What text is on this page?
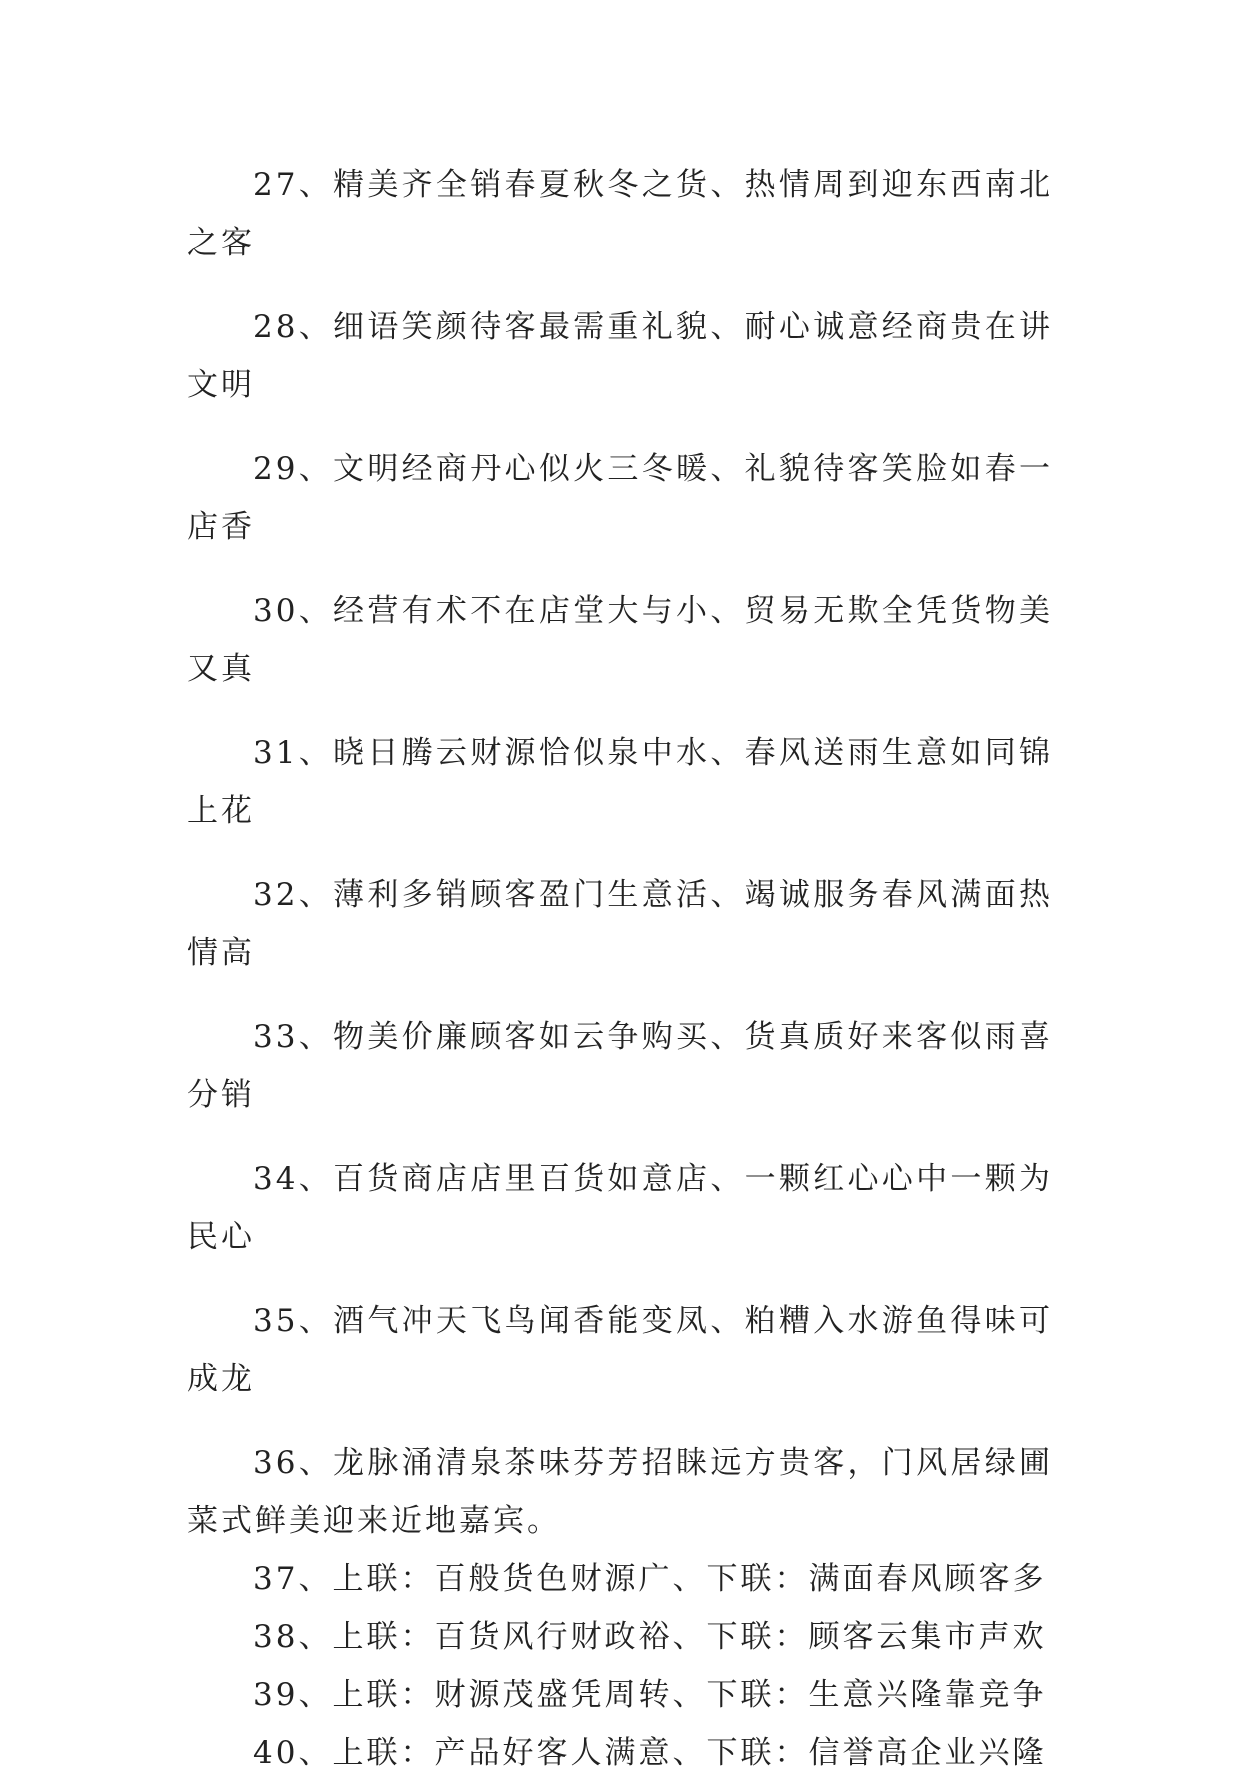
27、精美齐全销春夏秋冬之货、热情周到迎东西南北之客

28、细语笑颜待客最需重礼貌、耐心诚意经商贵在讲文明

29、文明经商丹心似火三冬暖、礼貌待客笑脸如春一店香

30、经营有术不在店堂大与小、贸易无欺全凭货物美又真

31、晓日腾云财源恰似泉中水、春风送雨生意如同锦上花

32、薄利多销顾客盈门生意活、竭诚服务春风满面热情高

33、物美价廉顾客如云争购买、货真质好来客似雨喜分销

34、百货商店店里百货如意店、一颗红心心中一颗为民心

35、酒气冲天飞鸟闻香能变凤、粕糟入水游鱼得味可成龙

36、龙脉涌清泉茶味芬芳招睐远方贵客，门风居绿圃菜式鲜美迎来近地嘉宾。

37、上联：百般货色财源广、下联：满面春风顾客多

38、上联：百货风行财政裕、下联：顾客云集市声欢

39、上联：财源茂盛凭周转、下联：生意兴隆靠竞争

40、上联：产品好客人满意、下联：信誉高企业兴隆
